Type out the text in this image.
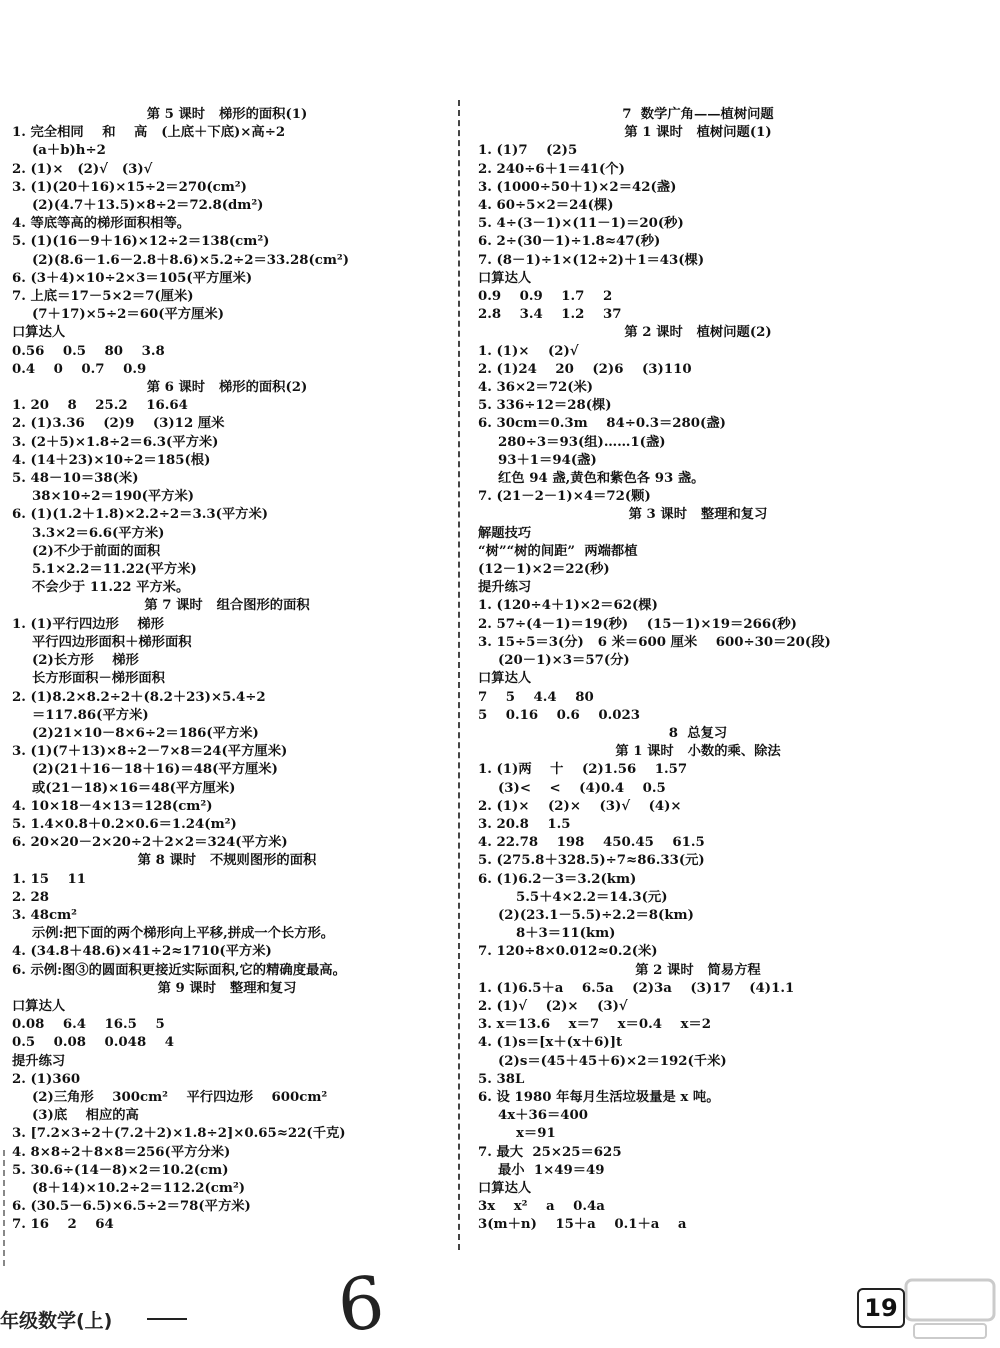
第 5 课时   梯形的面积(1)
1. 完全相同    和    高   (上底＋下底)×高÷2
(a＋b)h÷2
2. (1)×   (2)√   (3)√
3. (1)(20＋16)×15÷2＝270(cm²)
(2)(4.7＋13.5)×8÷2＝72.8(dm²)
4. 等底等高的梯形面积相等。
5. (1)(16－9＋16)×12÷2＝138(cm²)
(2)(8.6－1.6－2.8＋8.6)×5.2÷2＝33.28(cm²)
6. (3＋4)×10÷2×3＝105(平方厘米)
7. 上底＝17－5×2＝7(厘米)
(7＋17)×5÷2＝60(平方厘米)
口算达人
0.56    0.5    80    3.8
0.4    0    0.7    0.9
第 6 课时   梯形的面积(2)
1. 20    8    25.2    16.64
2. (1)3.36    (2)9    (3)12 厘米
3. (2＋5)×1.8÷2＝6.3(平方米)
4. (14＋23)×10÷2＝185(根)
5. 48－10＝38(米)
38×10÷2＝190(平方米)
6. (1)(1.2＋1.8)×2.2÷2＝3.3(平方米)
3.3×2＝6.6(平方米)
(2)不少于前面的面积
5.1×2.2＝11.22(平方米)
不会少于 11.22 平方米。
第 7 课时   组合图形的面积
1. (1)平行四边形    梯形
平行四边形面积＋梯形面积
(2)长方形    梯形
长方形面积－梯形面积
2. (1)8.2×8.2÷2＋(8.2＋23)×5.4÷2
＝117.86(平方米)
(2)21×10－8×6÷2＝186(平方米)
3. (1)(7＋13)×8÷2－7×8＝24(平方厘米)
(2)(21＋16－18＋16)＝48(平方厘米)
或(21－18)×16＝48(平方厘米)
4. 10×18－4×13＝128(cm²)
5. 1.4×0.8＋0.2×0.6＝1.24(m²)
6. 20×20－2×20÷2＋2×2＝324(平方米)
第 8 课时   不规则图形的面积
1. 15    11
2. 28
3. 48cm²
示例:把下面的两个梯形向上平移,拼成一个长方形。
4. (34.8＋48.6)×41÷2≈1710(平方米)
6. 示例:图③的圆面积更接近实际面积,它的精确度最高。
第 9 课时   整理和复习
口算达人
0.08    6.4    16.5    5
0.5    0.08    0.048    4
提升练习
2. (1)360
(2)三角形    300cm²    平行四边形    600cm²
(3)底    相应的高
3. [7.2×3÷2＋(7.2＋2)×1.8÷2]×0.65≈22(千克)
4. 8×8÷2＋8×8＝256(平方分米)
5. 30.6÷(14－8)×2＝10.2(cm)
(8＋14)×10.2÷2＝112.2(cm²)
6. (30.5－6.5)×6.5÷2＝78(平方米)
7. 16    2    64
7  数学广角——植树问题
第 1 课时   植树问题(1)
1. (1)7    (2)5
2. 240÷6＋1＝41(个)
3. (1000÷50＋1)×2＝42(盏)
4. 60÷5×2＝24(棵)
5. 4÷(3－1)×(11－1)＝20(秒)
6. 2÷(30－1)÷1.8≈47(秒)
7. (8－1)÷1×(12÷2)＋1＝43(棵)
口算达人
0.9    0.9    1.7    2
2.8    3.4    1.2    37
第 2 课时   植树问题(2)
1. (1)×    (2)√
2. (1)24    20    (2)6    (3)110
4. 36×2＝72(米)
5. 336÷12＝28(棵)
6. 30cm＝0.3m    84÷0.3＝280(盏)
280÷3＝93(组)……1(盏)
93＋1＝94(盏)
红色 94 盏,黄色和紫色各 93 盏。
7. (21－2－1)×4＝72(颗)
第 3 课时   整理和复习
解题技巧
“树”“树的间距”  两端都植
(12－1)×2＝22(秒)
提升练习
1. (120÷4＋1)×2＝62(棵)
2. 57÷(4－1)＝19(秒)    (15－1)×19＝266(秒)
3. 15÷5＝3(分)   6 米＝600 厘米    600÷30＝20(段)
(20－1)×3＝57(分)
口算达人
7    5    4.4    80
5    0.16    0.6    0.023
8  总复习
第 1 课时   小数的乘、除法
1. (1)两    十    (2)1.56    1.57
(3)<    <    (4)0.4    0.5
2. (1)×    (2)×    (3)√    (4)×
3. 20.8    1.5
4. 22.78    198    450.45    61.5
5. (275.8＋328.5)÷7≈86.33(元)
6. (1)6.2－3＝3.2(km)
5.5＋4×2.2＝14.3(元)
(2)(23.1－5.5)÷2.2＝8(km)
8＋3＝11(km)
7. 120÷8×0.012≈0.2(米)
第 2 课时   简易方程
1. (1)6.5＋a    6.5a    (2)3a    (3)17    (4)1.1
2. (1)√    (2)×    (3)√
3. x＝13.6    x＝7    x＝0.4    x＝2
4. (1)s＝[x＋(x＋6)]t
(2)s＝(45＋45＋6)×2＝192(千米)
5. 38L
6. 设 1980 年每月生活垃圾量是 x 吨。
4x＋36＝400
x＝91
7. 最大  25×25＝625
最小  1×49＝49
口算达人
3x    x²    a    0.4a
3(m＋n)    15＋a    0.1＋a    a
年级数学(上)	6	19
